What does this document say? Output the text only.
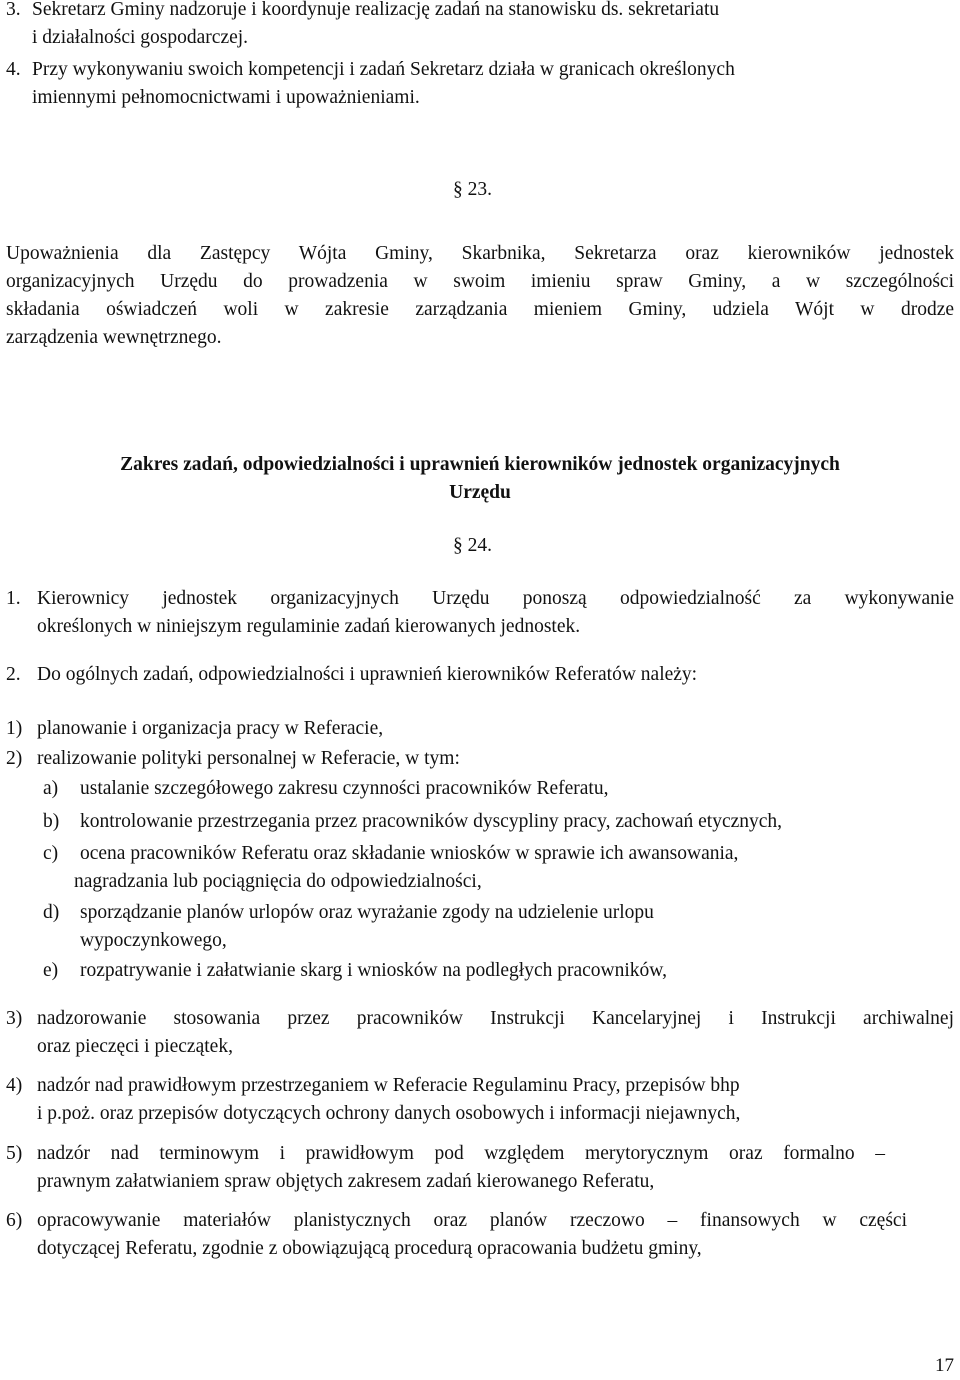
3. Sekretarz Gminy nadzoruje i koordynuje realizację zadań na stanowisku ds. sekretariatu
i działalności gospodarczej.
4. Przy wykonywaniu swoich kompetencji i zadań Sekretarz działa w granicach określonych
imiennymi pełnomocnictwami i upoważnieniami.
§ 23.
Upoważnienia dla Zastępcy Wójta Gminy, Skarbnika, Sekretarza oraz kierowników jednostek
organizacyjnych Urzędu do prowadzenia w swoim imieniu spraw Gminy, a w szczególności
składania oświadczeń woli w zakresie zarządzania mieniem Gminy, udziela Wójt w drodze
zarządzenia wewnętrznego.
Zakres zadań, odpowiedzialności i uprawnień kierowników jednostek organizacyjnych
Urzędu
§ 24.
1. Kierownicy jednostek organizacyjnych Urzędu ponoszą odpowiedzialność za wykonywanie
określonych w niniejszym regulaminie zadań kierowanych jednostek.
2. Do ogólnych zadań, odpowiedzialności i uprawnień kierowników Referatów należy:
1) planowanie i organizacja pracy w Referacie,
2) realizowanie polityki personalnej w Referacie, w tym:
a) ustalanie szczegółowego zakresu czynności pracowników Referatu,
b) kontrolowanie przestrzegania przez pracowników dyscypliny pracy, zachowań etycznych,
c) ocena pracowników Referatu oraz składanie wniosków w sprawie ich awansowania,
nagradzania lub pociągnięcia do odpowiedzialności,
d) sporządzanie planów urlopów oraz wyrażanie zgody na udzielenie urlopu
wypoczynkowego,
e) rozpatrywanie i załatwianie skarg i wniosków na podległych pracowników,
3) nadzorowanie stosowania przez pracowników Instrukcji Kancelaryjnej i Instrukcji archiwalnej
oraz pieczęci i pieczątek,
4) nadzór nad prawidłowym przestrzeganiem w Referacie Regulaminu Pracy, przepisów bhp
i p.poż. oraz przepisów dotyczących ochrony danych osobowych i informacji niejawnych,
5) nadzór nad terminowym i prawidłowym pod względem merytorycznym oraz formalno –
prawnym załatwianiem spraw objętych zakresem zadań kierowanego Referatu,
6) opracowywanie materiałów planistycznych oraz planów rzeczowo – finansowych w części
dotyczącej Referatu, zgodnie z obowiązującą procedurą opracowania budżetu gminy,
17
